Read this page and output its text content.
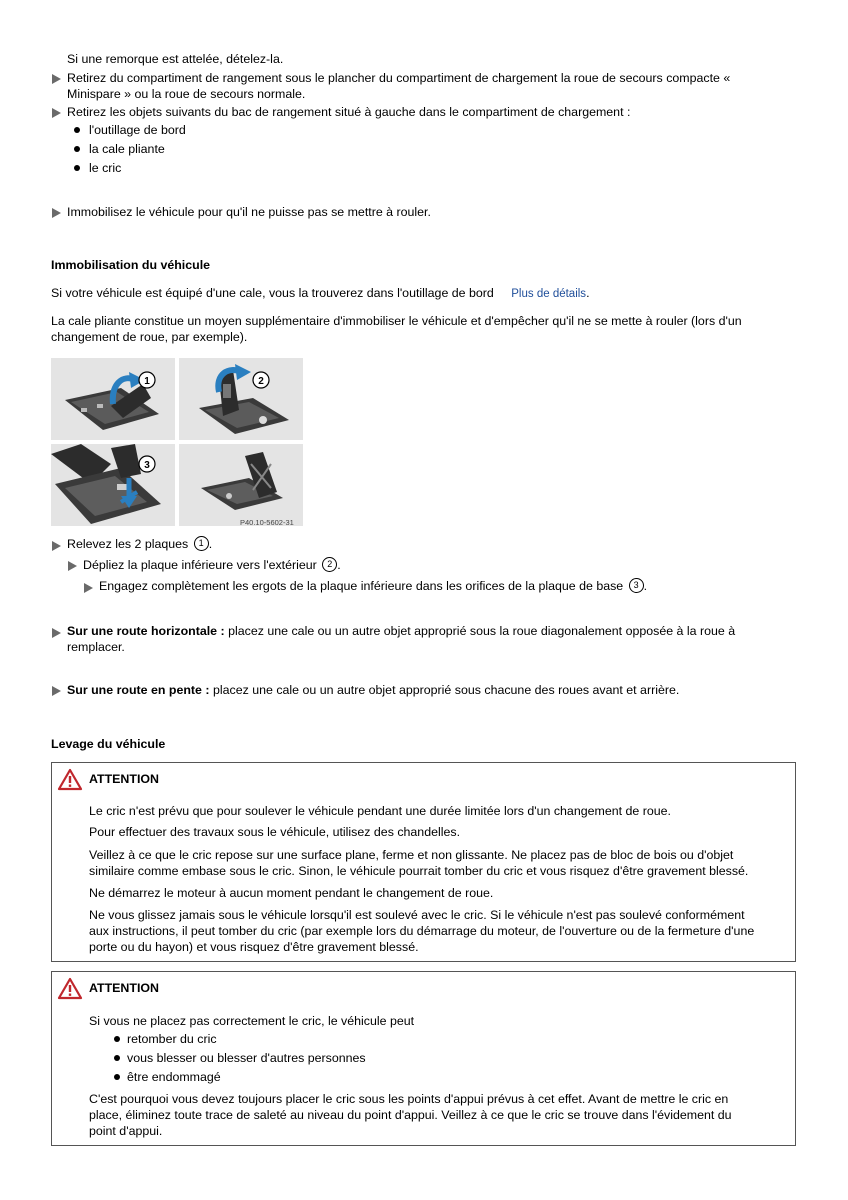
Si une remorque est attelée, dételez-la.
Retirez du compartiment de rangement sous le plancher du compartiment de chargement la roue de secours compacte «
Minispare » ou la roue de secours normale.
Retirez les objets suivants du bac de rangement situé à gauche dans le compartiment de chargement :
l'outillage de bord
la cale pliante
le cric
Immobilisez le véhicule pour qu'il ne puisse pas se mettre à rouler.
Immobilisation du véhicule
Si votre véhicule est équipé d'une cale, vous la trouverez dans l'outillage de bord Plus de détails.
La cale pliante constitue un moyen supplémentaire d'immobiliser le véhicule et d'empêcher qu'il ne se mette à rouler (lors d'un
changement de roue, par exemple).
1	2
3
P40.10-5602-31
Relevez les 2 plaques 1 .
Dépliez la plaque inférieure vers l'extérieur 2 .
Engagez complètement les ergots de la plaque inférieure dans les orifices de la plaque de base 3 .
Sur une route horizontale : placez une cale ou un autre objet approprié sous la roue diagonalement opposée à la roue à
remplacer.
Sur une route en pente : placez une cale ou un autre objet approprié sous chacune des roues avant et arrière.
Levage du véhicule
ATTENTION
Le cric n'est prévu que pour soulever le véhicule pendant une durée limitée lors d'un changement de roue.
Pour effectuer des travaux sous le véhicule, utilisez des chandelles.
Veillez à ce que le cric repose sur une surface plane, ferme et non glissante. Ne placez pas de bloc de bois ou d'objet
similaire comme embase sous le cric. Sinon, le véhicule pourrait tomber du cric et vous risquez d'être gravement blessé.
Ne démarrez le moteur à aucun moment pendant le changement de roue.
Ne vous glissez jamais sous le véhicule lorsqu'il est soulevé avec le cric. Si le véhicule n'est pas soulevé conformément
aux instructions, il peut tomber du cric (par exemple lors du démarrage du moteur, de l'ouverture ou de la fermeture d'une
porte ou du hayon) et vous risquez d'être gravement blessé.
ATTENTION
Si vous ne placez pas correctement le cric, le véhicule peut
retomber du cric
vous blesser ou blesser d'autres personnes
être endommagé
C'est pourquoi vous devez toujours placer le cric sous les points d'appui prévus à cet effet. Avant de mettre le cric en
place, éliminez toute trace de saleté au niveau du point d'appui. Veillez à ce que le cric se trouve dans l'évidement du
point d'appui.
